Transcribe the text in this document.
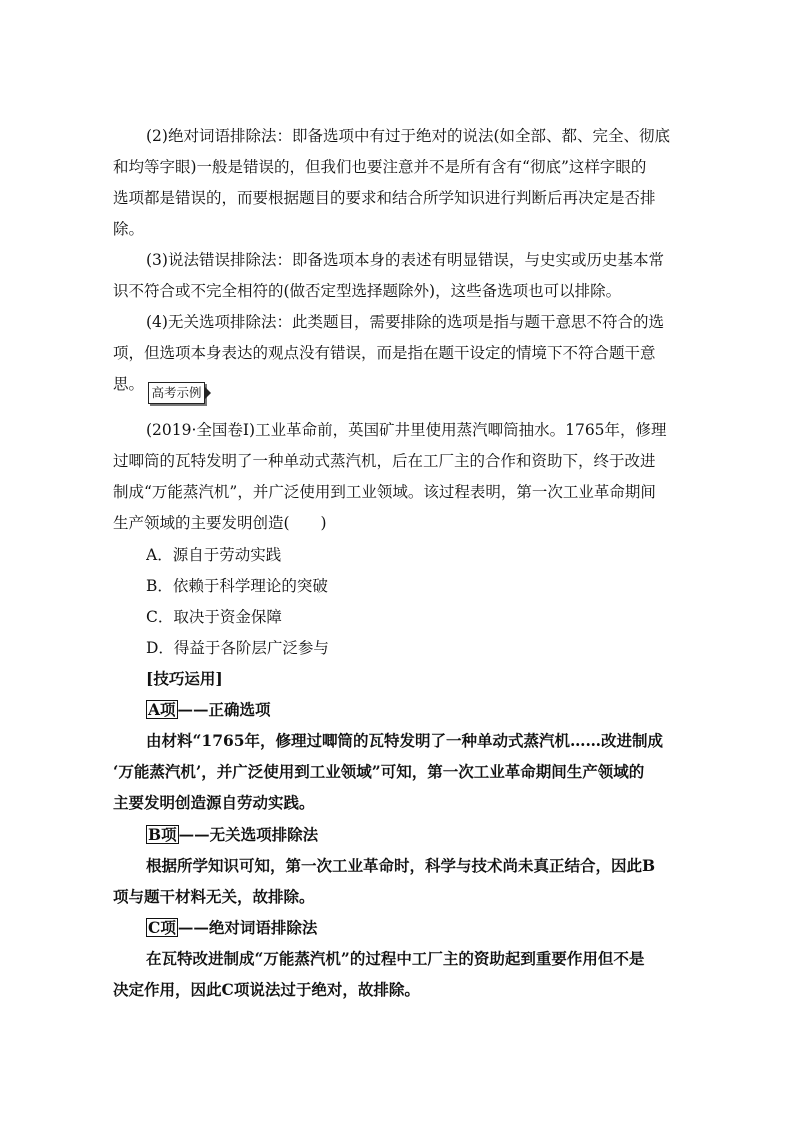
(2)绝对词语排除法：即备选项中有过于绝对的说法(如全部、都、完全、彻底
和均等字眼)一般是错误的，但我们也要注意并不是所有含有“彻底”这样字眼的
选项都是错误的，而要根据题目的要求和结合所学知识进行判断后再决定是否排
除。
(3)说法错误排除法：即备选项本身的表述有明显错误，与史实或历史基本常
识不符合或不完全相符的(做否定型选择题除外)，这些备选项也可以排除。
(4)无关选项排除法：此类题目，需要排除的选项是指与题干意思不符合的选
项，但选项本身表达的观点没有错误，而是指在题干设定的情境下不符合题干意
思。 高考示例
(2019·全国卷Ⅰ)工业革命前，英国矿井里使用蒸汽唧筒抽水。1765年，修理
过唧筒的瓦特发明了一种单动式蒸汽机，后在工厂主的合作和资助下，终于改进
制成“万能蒸汽机”，并广泛使用到工业领域。该过程表明，第一次工业革命期间
生产领域的主要发明创造(　　)
A．源自于劳动实践
B．依赖于科学理论的突破
C．取决于资金保障
D．得益于各阶层广泛参与
[技巧运用]
A项 ——正确选项
由材料“1765年，修理过唧筒的瓦特发明了一种单动式蒸汽机……改进制成
‘万能蒸汽机’，并广泛使用到工业领域”可知，第一次工业革命期间生产领域的
主要发明创造源自劳动实践。
B项 ——无关选项排除法
根据所学知识可知，第一次工业革命时，科学与技术尚未真正结合，因此B
项与题干材料无关，故排除。
C项 ——绝对词语排除法
在瓦特改进制成“万能蒸汽机”的过程中工厂主的资助起到重要作用但不是
决定作用，因此C项说法过于绝对，故排除。
